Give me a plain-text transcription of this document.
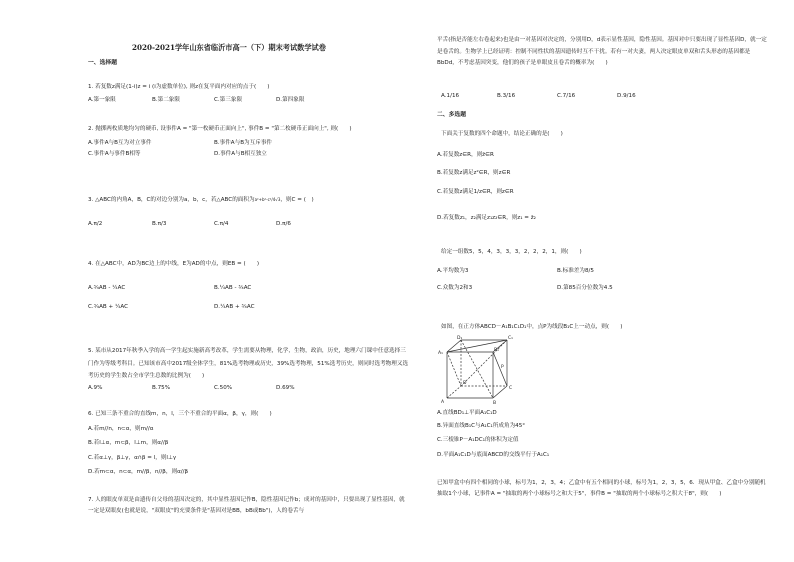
2020-2021学年山东省临沂市高一（下）期末考试数学试卷
一、选择题
1. 若复数z满足(1-i)z = i (i为虚数单位), 则z在复平面内对应的点于(　　)
A.第一象限	B.第二象限	C.第三象限	D.第四象限
2. 抛掷两枚质地均匀的硬币, 设事件A = "第一枚硬币正面向上", 事件B = "第二枚硬币正面向上", 则(　　)
A.事件A与B互为对立事件	B.事件A与B为互斥事件
C.事件A与事件B相等	D.事件A与B相互独立
3. △ABC的内角A，B，C的对边分别为a，b，c，若△ABC的面积为a²+b²-c²/4√3，则C = (　)
A.π/2	B.π/3	C.π/4	D.π/6
4. 在△ABC中，AD为BC边上的中线，E为AD的中点，则EB = (　　)
A.¾AB - ¼AC	B.¼AB - ¾AC
C.¾AB + ¼AC	D.¼AB + ¾AC
5. 某市从2017年秋季入学的高一学生起实施新高考改革，学生需要从物理，化学，生物，政治，历史，地理六门课中任意选择三门作为等级考科目。已知该市高中2017级全体学生，81%选考物理或历史，39%选考物理，51%选考历史，则同时选考物理又选考历史的学生数占全市学生总数的比例为(　　)
A.9%	B.75%	C.50%	D.69%
6. 已知三条不重合的直线m，n，l，三个不重合的平面α，β，γ，则(　　)
A.若m//n，n⊂α，则m//α
B.若l⊥α，m⊂β，l⊥m，则α//β
C.若α⊥γ，β⊥γ，α∩β = l，则l⊥γ
D.若m⊂α，n⊂α，m//β，n//β，则α//β
7. 人的眼皮单双是由遗传自父母的基因决定的，其中显性基因记作B，隐性基因记作b；成对的基因中，只要出现了显性基因，就一定是双眼皮(也就是说，"双眼皮"的充要条件是"基因对是BB，bB或Bb")，人的卷舌与
平舌(指是否能左右卷起来)也是由一对基因对决定的，分别用D，d表示显性基因，隐性基因。基因对中只要出现了显性基因D，就一定是卷舌的。生物学上已经证明：控制不同性状的基因遗传时互不干扰。若有一对夫妻，两人决定眼皮单双和舌头形态的基因都是BbDd，不考虑基因突变，他们的孩子是单眼皮且卷舌的概率为(　　)
A.1/16	B.3/16	C.7/16	D.9/16
二、多选题
下面关于复数的四个命题中，结论正确的是(　　)
A.若复数z∈R，则z̄∈R
B.若复数z满足z²∈R，则z∈R
C.若复数z满足1/z∈R，则z∈R
D.若复数z₁，z₂满足z₁z₂∈R，则z₁ = z̄₂
给定一组数5，5，4，3，3，3，2，2，2，1，则(　　)
A.平均数为3	B.标准差为8/5
C.众数为2和3	D.第85百分位数为4.5
如图，在正方体ABCD－A₁B₁C₁D₁中，点P为线段B₁C上一动点，则(　　)
D₁	C₁
A₁
B₁
D
C
A	B
P
A.直线BD₁⊥平面A₁C₁D
B.异面直线B₁C与A₁C₁所成角为45°
C.三棱锥P－A₁DC₁的体积为定值
D.平面A₁C₁D与底面ABCD的交线平行于A₁C₁
已知甲盒中有四个相同的小球，标号为1，2，3，4；乙盒中有五个相同的小球，标号为1，2，3，5，6．现从甲盒、乙盒中分别随机抽取1个小球，记事件A = "抽取的两个小球标号之和大于5"，事件B = "抽取的两个小球标号之积大于8"，则(　　)
